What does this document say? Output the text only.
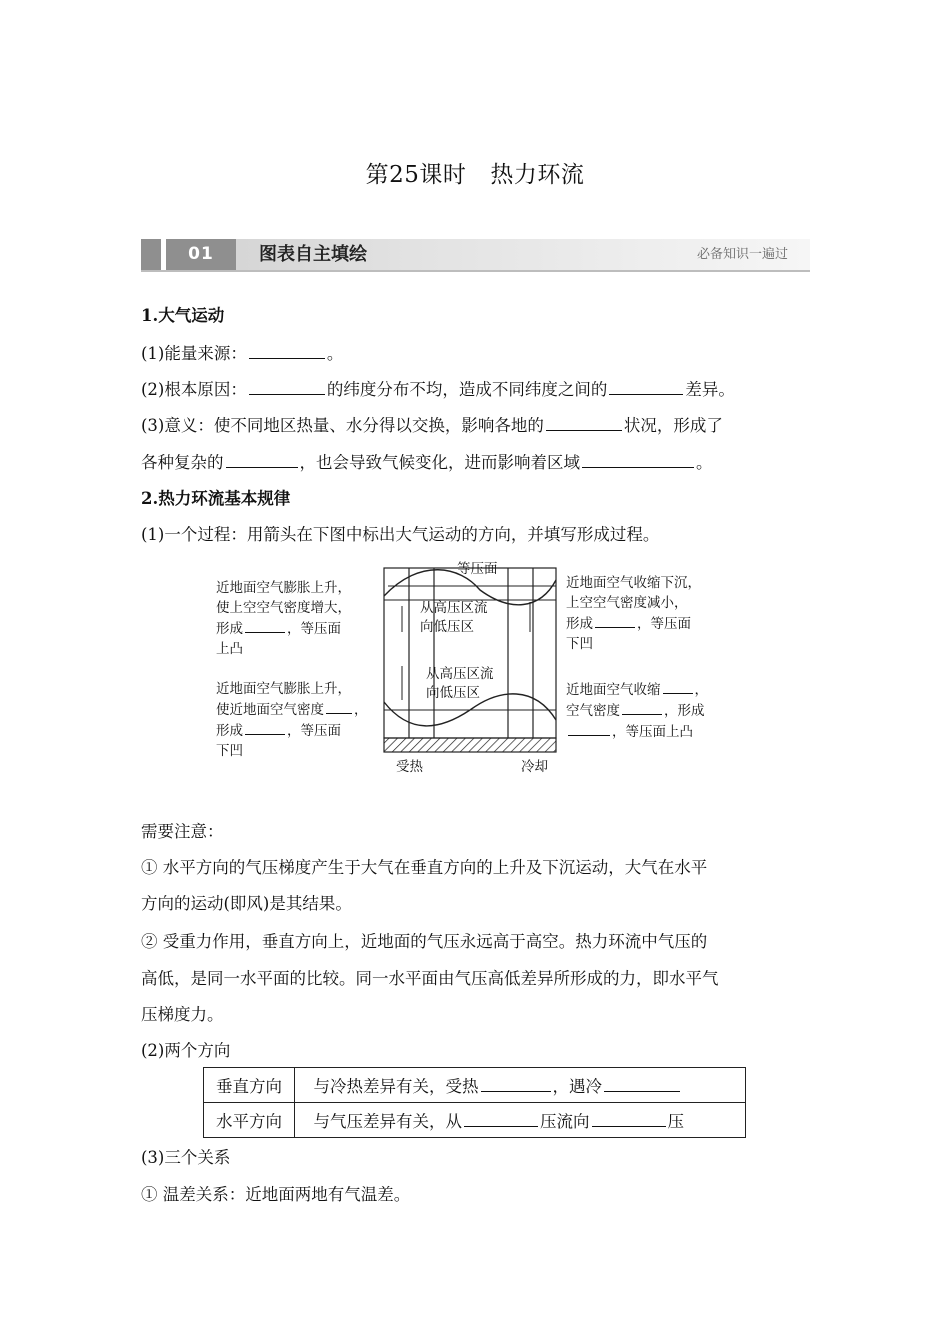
第25课时 热力环流
01	图表自主填绘	必备知识一遍过
1.大气运动
(1)能量来源：	。
(2)根本原因：	的纬度分布不均，造成不同纬度之间的	差异。
(3)意义：使不同地区热量、水分得以交换，影响各地的	状况，形成了
各种复杂的	，也会导致气候变化，进而影响着区域	。
2.热力环流基本规律
(1)一个过程：用箭头在下图中标出大气运动的方向，并填写形成过程。
等压面
从高压区流
向低压区
从高压区流
向低压区
受热	冷却
近地面空气膨胀上升，
使上空空气密度增大，
形成	，等压面
上凸
近地面空气膨胀上升，
使近地面空气密度 ，
形成	，等压面
下凹
近地面空气收缩下沉，
上空空气密度减小，
形成	，等压面
下凹
近地面空气收缩	，
空气密度	，形成
，等压面上凸
需要注意：
① 水平方向的气压梯度产生于大气在垂直方向的上升及下沉运动，大气在水平
方向的运动(即风)是其结果。
② 受重力作用，垂直方向上，近地面的气压永远高于高空。热力环流中气压的
高低，是同一水平面的比较。同一水平面由气压高低差异所形成的力，即水平气
压梯度力。
(2)两个方向
垂直方向	与冷热差异有关，受热 ，遇冷
水平方向	与气压差异有关，从 压流向 压
(3)三个关系
① 温差关系：近地面两地有气温差。
